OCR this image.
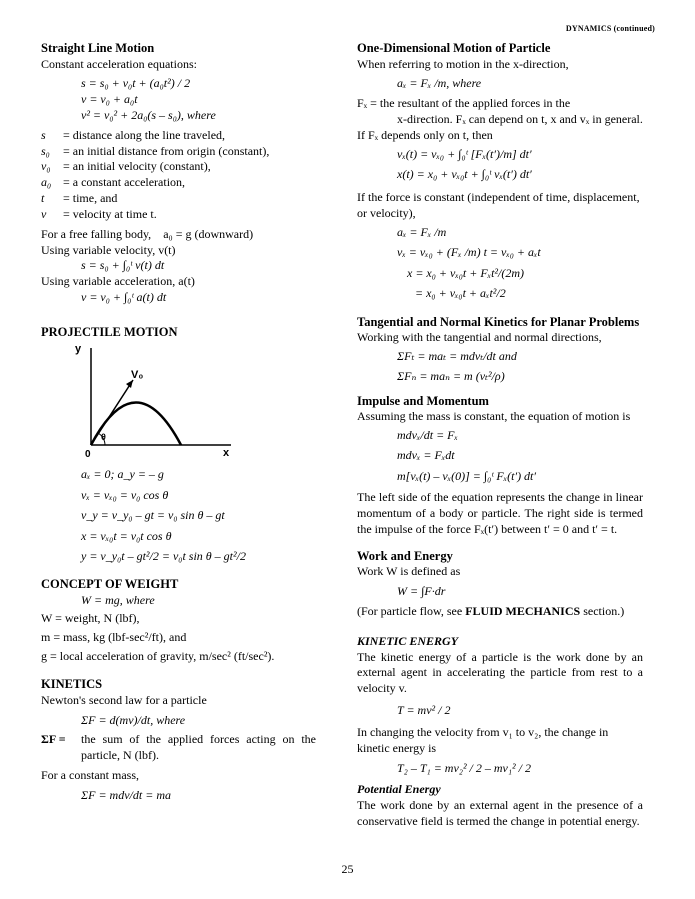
DYNAMICS (continued)

Straight Line Motion

Constant acceleration equations:

s = s₀ + v₀t + (a₀t²) / 2

v = v₀ + a₀t

v² = v₀² + 2a₀(s – s₀), where

s	= distance along the line traveled,
s₀	= an initial distance from origin (constant),
v₀	= an initial velocity (constant),
a₀ = a constant acceleration,
t	= time, and
v	= velocity at time t.

For a free falling body, a₀ = g (downward)

Using variable velocity, v(t)

s = s₀ + ∫₀ᵗ v(t) dt

Using variable acceleration, a(t)

v = v₀ + ∫₀ᵗ a(t) dt

PROJECTILE MOTION

y
x
0
V₀
θ

aₓ = 0; a_y = – g

vₓ = vₓ₀ = v₀ cos θ

v_y = v_y₀ – gt = v₀ sin θ – gt

x = vₓ₀t = v₀t cos θ

y = v_y₀t – gt²/2 = v₀t sin θ – gt²/2

CONCEPT OF WEIGHT

W = mg, where

W = weight, N (lbf),

m = mass, kg (lbf-sec²/ft), and

g = local acceleration of gravity, m/sec² (ft/sec²).

KINETICS

Newton's second law for a particle

ΣF = d(mv)/dt, where

ΣF =	the sum of the applied forces acting on the particle, N (lbf).

For a constant mass,

ΣF = mdv/dt = ma

One-Dimensional Motion of Particle

When referring to motion in the x-direction,

aₓ = Fₓ /m, where

Fₓ = the resultant of the applied forces in the

x-direction. Fₓ can depend on t, x and vₓ in general.

If Fₓ depends only on t, then

vₓ(t) = vₓ₀ + ∫₀ᵗ [Fₓ(t′)/m] dt′

x(t) = x₀ + vₓ₀t + ∫₀ᵗ vₓ(t′) dt′

If the force is constant (independent of time, displacement, or velocity),

aₓ = Fₓ /m

vₓ = vₓ₀ + (Fₓ /m) t = vₓ₀ + aₓt

x = x₀ + vₓ₀t + Fₓt²/(2m)

= x₀ + vₓ₀t + aₓt²/2

Tangential and Normal Kinetics for Planar Problems

Working with the tangential and normal directions,

ΣFₜ = maₜ = mdvₜ/dt and

ΣFₙ = maₙ = m (vₜ²/ρ)

Impulse and Momentum

Assuming the mass is constant, the equation of motion is

mdvₓ/dt = Fₓ

mdvₓ = Fₓdt

m[vₓ(t) – vₓ(0)] = ∫₀ᵗ Fₓ(t′) dt′

The left side of the equation represents the change in linear momentum of a body or particle. The right side is termed the impulse of the force Fₓ(t′) between t′ = 0 and t′ = t.

Work and Energy

Work W is defined as

W = ∫F·dr

(For particle flow, see FLUID MECHANICS section.)

KINETIC ENERGY

The kinetic energy of a particle is the work done by an external agent in accelerating the particle from rest to a velocity v.

T = mv² / 2

In changing the velocity from v₁ to v₂, the change in kinetic energy is

T₂ – T₁ = mv₂² / 2 – mv₁² / 2

Potential Energy

The work done by an external agent in the presence of a conservative field is termed the change in potential energy.

25
